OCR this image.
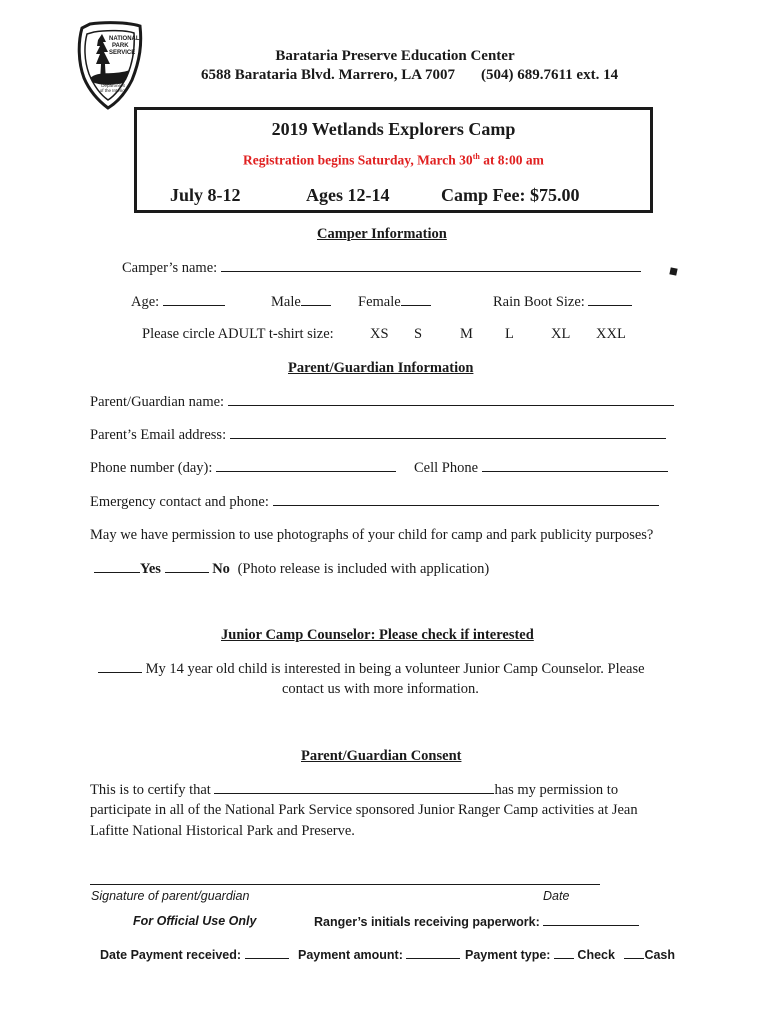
NATIONAL
PARK
SERVICE
Department
of the Interior
Barataria Preserve Education Center
6588 Barataria Blvd. Marrero, LA 7007 (504) 689.7611 ext. 14
2019 Wetlands Explorers Camp
Registration begins Saturday, March 30th at 8:00 am
July 8-12	Ages 12-14	Camp Fee: $75.00
Camper Information
Camper’s name:
Age:	Male	Female	Rain Boot Size:
Please circle ADULT t-shirt size:	XS S	M L	XL XXL
Parent/Guardian Information
Parent/Guardian name:
Parent’s Email address:
Phone number (day):	Cell Phone
Emergency contact and phone:
May we have permission to use photographs of your child for camp and park publicity purposes?
Yes	No (Photo release is included with application)
Junior Camp Counselor: Please check if interested
My 14 year old child is interested in being a volunteer Junior Camp Counselor. Please
contact us with more information.
Parent/Guardian Consent
This is to certify that	has my permission to
participate in all of the National Park Service sponsored Junior Ranger Camp activities at Jean
Lafitte National Historical Park and Preserve.
Signature of parent/guardian	Date
For Official Use Only	Ranger’s initials receiving paperwork:
Date Payment received:	Payment amount:	Payment type: Check Cash
